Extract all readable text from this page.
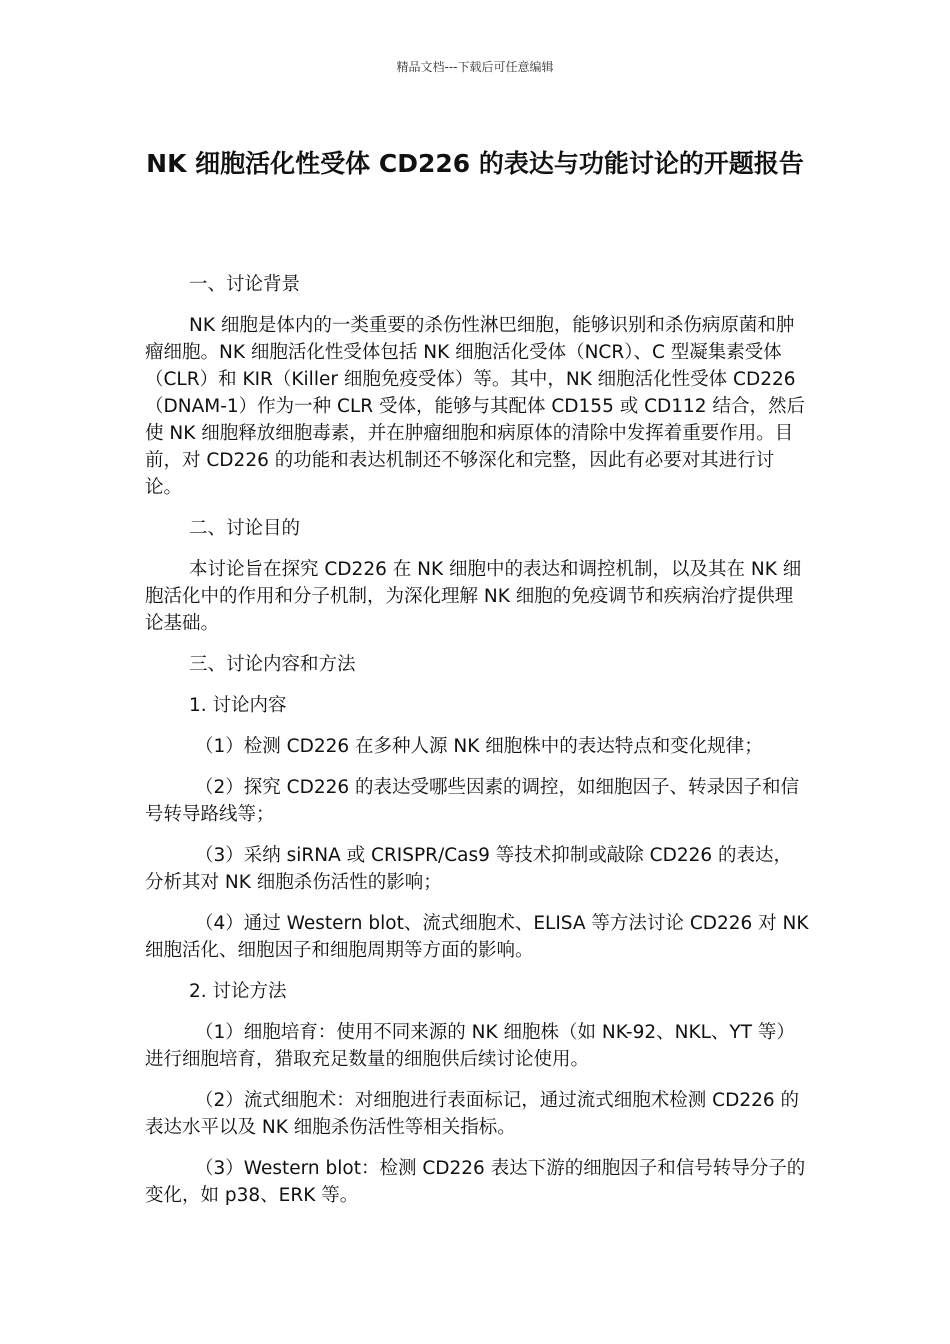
精品文档---下载后可任意编辑
NK 细胞活化性受体 CD226 的表达与功能讨论的开题报告

一、讨论背景

NK 细胞是体内的一类重要的杀伤性淋巴细胞，能够识别和杀伤病原菌和肿瘤细胞。NK 细胞活化性受体包括 NK 细胞活化受体（NCR）、C 型凝集素受体（CLR）和 KIR（Killer 细胞免疫受体）等。其中，NK 细胞活化性受体 CD226（DNAM-1）作为一种 CLR 受体，能够与其配体 CD155 或 CD112 结合，然后使 NK 细胞释放细胞毒素，并在肿瘤细胞和病原体的清除中发挥着重要作用。目前，对 CD226 的功能和表达机制还不够深化和完整，因此有必要对其进行讨论。

二、讨论目的

本讨论旨在探究 CD226 在 NK 细胞中的表达和调控机制，以及其在 NK 细胞活化中的作用和分子机制，为深化理解 NK 细胞的免疫调节和疾病治疗提供理论基础。

三、讨论内容和方法

1. 讨论内容

（1）检测 CD226 在多种人源 NK 细胞株中的表达特点和变化规律；

（2）探究 CD226 的表达受哪些因素的调控，如细胞因子、转录因子和信号转导路线等；

（3）采纳 siRNA 或 CRISPR/Cas9 等技术抑制或敲除 CD226 的表达，分析其对 NK 细胞杀伤活性的影响；

（4）通过 Western blot、流式细胞术、ELISA 等方法讨论 CD226 对 NK 细胞活化、细胞因子和细胞周期等方面的影响。

2. 讨论方法

（1）细胞培育：使用不同来源的 NK 细胞株（如 NK-92、NKL、YT 等）进行细胞培育，猎取充足数量的细胞供后续讨论使用。

（2）流式细胞术：对细胞进行表面标记，通过流式细胞术检测 CD226 的表达水平以及 NK 细胞杀伤活性等相关指标。

（3）Western blot：检测 CD226 表达下游的细胞因子和信号转导分子的变化，如 p38、ERK 等。
